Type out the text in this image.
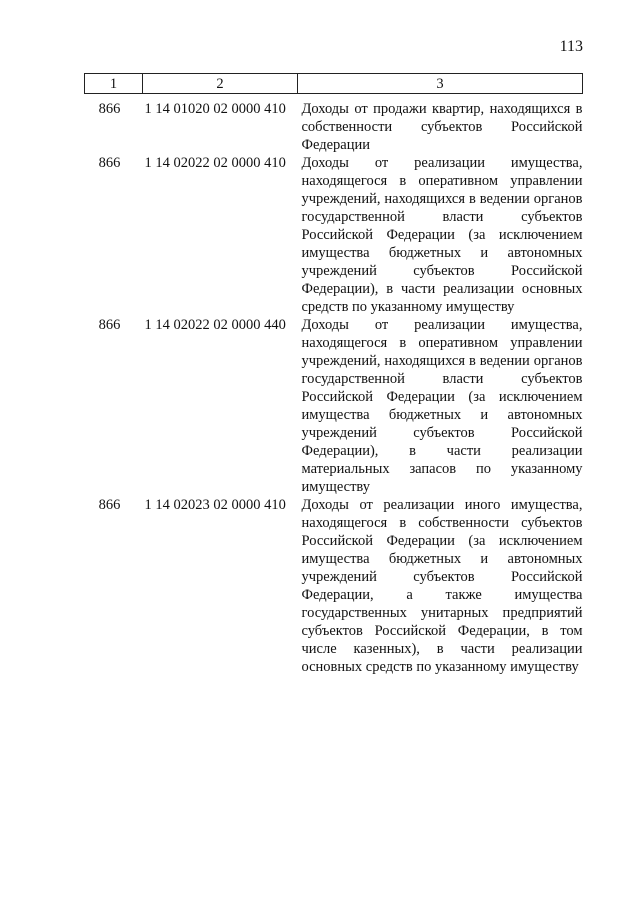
113
1	2	3
866	1 14 01020 02 0000 410	Доходы от продажи квартир, находящихся в собственности субъектов Российской Федерации
866	1 14 02022 02 0000 410	Доходы от реализации имущества, находящегося в оперативном управлении учреждений, находящихся в ведении органов государственной власти субъектов Российской Федерации (за исключением имущества бюджетных и автономных учреждений субъектов Российской Федерации), в части реализации основных средств по указанному имуществу
866	1 14 02022 02 0000 440	Доходы от реализации имущества, находящегося в оперативном управлении учреждений, находящихся в ведении органов государственной власти субъектов Российской Федерации (за исключением имущества бюджетных и автономных учреждений субъектов Российской Федерации), в части реализации материальных запасов по указанному имуществу
866	1 14 02023 02 0000 410	Доходы от реализации иного имущества, находящегося в собственности субъектов Российской Федерации (за исключением имущества бюджетных и автономных учреждений субъектов Российской Федерации, а также имущества государственных унитарных предприятий субъектов Российской Федерации, в том числе казенных), в части реализации основных средств по указанному имуществу
